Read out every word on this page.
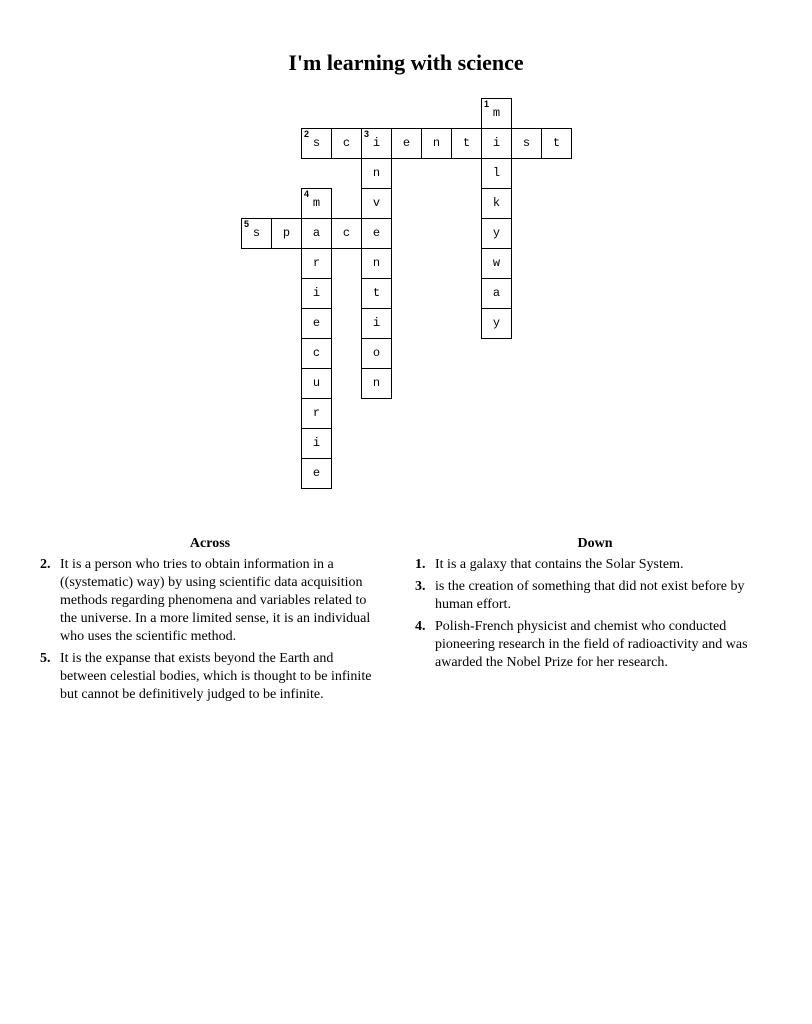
I'm learning with science
1
m
2
s	c
3
i	e	n	t	i	s	t
n	l
4
m	v	k
5
s	p	a	c	e	y
r	n	w
i	t	a
e	i	y
c	o
u	n
r
i
e
Across
2. It is a person who tries to obtain information in a ((systematic) way) by using scientific data acquisition methods regarding phenomena and variables related to the universe. In a more limited sense, it is an individual who uses the scientific method.
5. It is the expanse that exists beyond the Earth and between celestial bodies, which is thought to be infinite but cannot be definitively judged to be infinite.
Down
1. It is a galaxy that contains the Solar System.
3. is the creation of something that did not exist before by human effort.
4. Polish-French physicist and chemist who conducted pioneering research in the field of radioactivity and was awarded the Nobel Prize for her research.
